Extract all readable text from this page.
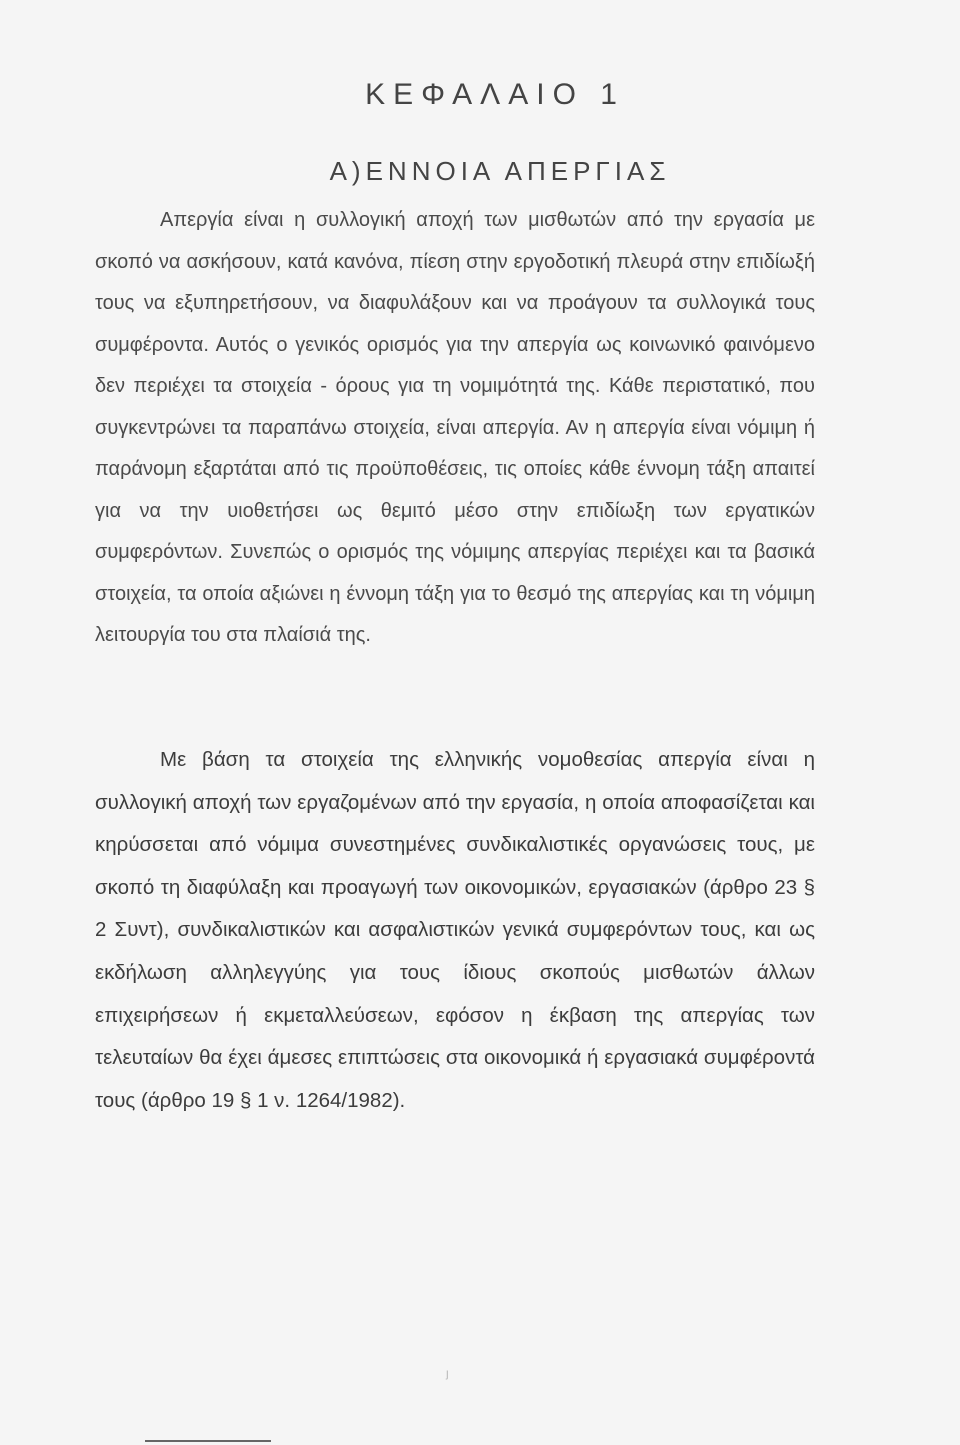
ΚΕΦΑΛΑΙΟ 1
Α)ΕΝΝΟΙΑ ΑΠΕΡΓΙΑΣ
Απεργία είναι η συλλογική αποχή των μισθωτών από την εργασία με σκοπό να ασκήσουν, κατά κανόνα, πίεση στην εργοδοτική πλευρά στην επιδίωξή τους να εξυπηρετήσουν, να διαφυλάξουν και να προάγουν τα συλλογικά τους συμφέροντα. Αυτός ο γενικός ορισμός για την απεργία ως κοινωνικό φαινόμενο δεν περιέχει τα στοιχεία - όρους για τη νομιμότητά της. Κάθε περιστατικό, που συγκεντρώνει τα παραπάνω στοιχεία, είναι απεργία. Αν η απεργία είναι νόμιμη ή παράνομη εξαρτάται από τις προϋποθέσεις, τις οποίες κάθε έννομη τάξη απαιτεί για να την υιοθετήσει ως θεμιτό μέσο στην επιδίωξη των εργατικών συμφερόντων. Συνεπώς ο ορισμός της νόμιμης απεργίας περιέχει και τα βασικά στοιχεία, τα οποία αξιώνει η έννομη τάξη για το θεσμό της απεργίας και τη νόμιμη λειτουργία του στα πλαίσιά της.
Με βάση τα στοιχεία της ελληνικής νομοθεσίας απεργία είναι η συλλογική αποχή των εργαζομένων από την εργασία, η οποία αποφασίζεται και κηρύσσεται από νόμιμα συνεστημένες συνδικαλιστικές οργανώσεις τους, με σκοπό τη διαφύλαξη και προαγωγή των οικονομικών, εργασιακών (άρθρο 23 § 2 Συντ), συνδικαλιστικών και ασφαλιστικών γενικά συμφερόντων τους, και ως εκδήλωση αλληλεγγύης για τους ίδιους σκοπούς μισθωτών άλλων επιχειρήσεων ή εκμεταλλεύσεων, εφόσον η έκβαση της απεργίας των τελευταίων θα έχει άμεσες επιπτώσεις στα οικονομικά ή εργασιακά συμφέροντά τους (άρθρο 19 § 1 ν. 1264/1982).
ȷ
